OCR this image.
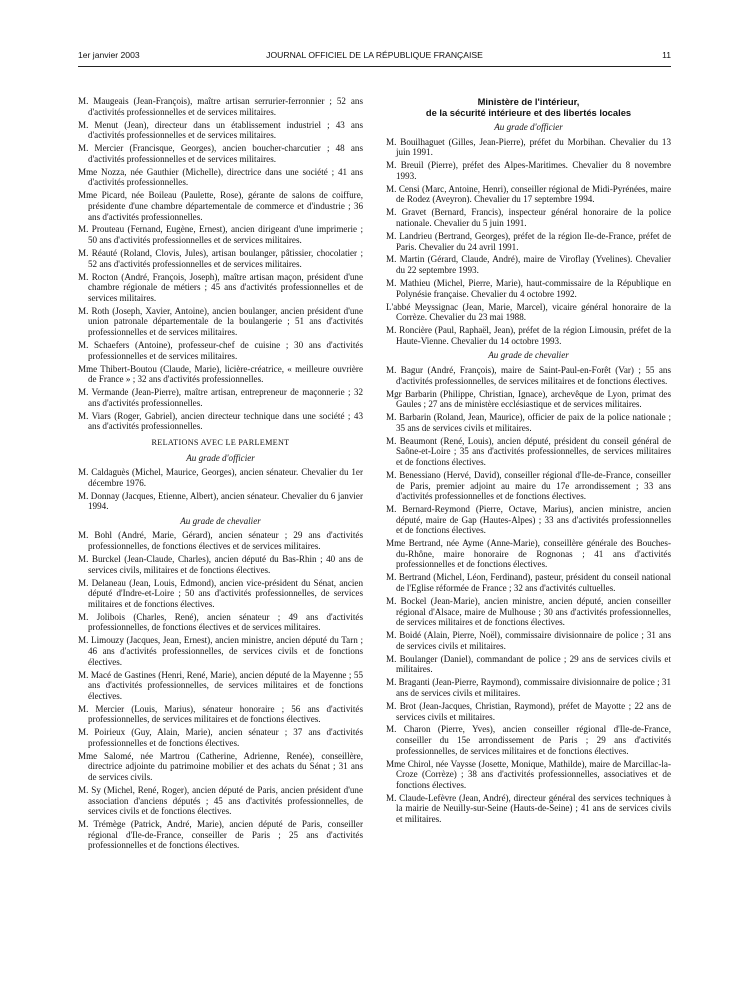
1er janvier 2003	JOURNAL OFFICIEL DE LA RÉPUBLIQUE FRANÇAISE	11

M. Maugeais (Jean-François), maître artisan serrurier-ferronnier ; 52 ans d'activités professionnelles et de services militaires.

M. Menut (Jean), directeur dans un établissement industriel ; 43 ans d'activités professionnelles et de services militaires.

M. Mercier (Francisque, Georges), ancien boucher-charcutier ; 48 ans d'activités professionnelles et de services militaires.

Mme Nozza, née Gauthier (Michelle), directrice dans une société ; 41 ans d'activités professionnelles.

Mme Picard, née Boileau (Paulette, Rose), gérante de salons de coiffure, présidente d'une chambre départementale de commerce et d'industrie ; 36 ans d'activités professionnelles.

M. Prouteau (Fernand, Eugène, Ernest), ancien dirigeant d'une imprimerie ; 50 ans d'activités professionnelles et de services militaires.

M. Réauté (Roland, Clovis, Jules), artisan boulanger, pâtissier, chocolatier ; 52 ans d'activités professionnelles et de services militaires.

M. Rocton (André, François, Joseph), maître artisan maçon, président d'une chambre régionale de métiers ; 45 ans d'activités professionnelles et de services militaires.

M. Roth (Joseph, Xavier, Antoine), ancien boulanger, ancien président d'une union patronale départementale de la boulangerie ; 51 ans d'activités professionnelles et de services militaires.

M. Schaefers (Antoine), professeur-chef de cuisine ; 30 ans d'activités professionnelles et de services militaires.

Mme Thibert-Boutou (Claude, Marie), licière-créatrice, « meilleure ouvrière de France » ; 32 ans d'activités professionnelles.

M. Vermande (Jean-Pierre), maître artisan, entrepreneur de maçonnerie ; 32 ans d'activités professionnelles.

M. Viars (Roger, Gabriel), ancien directeur technique dans une société ; 43 ans d'activités professionnelles.

RELATIONS AVEC LE PARLEMENT
Au grade d'officier

M. Caldaguès (Michel, Maurice, Georges), ancien sénateur. Chevalier du 1er décembre 1976.

M. Donnay (Jacques, Etienne, Albert), ancien sénateur. Chevalier du 6 janvier 1994.

Au grade de chevalier

M. Bohl (André, Marie, Gérard), ancien sénateur ; 29 ans d'activités professionnelles, de fonctions électives et de services militaires.

M. Burckel (Jean-Claude, Charles), ancien député du Bas-Rhin ; 40 ans de services civils, militaires et de fonctions électives.

M. Delaneau (Jean, Louis, Edmond), ancien vice-président du Sénat, ancien député d'Indre-et-Loire ; 50 ans d'activités professionnelles, de services militaires et de fonctions électives.

M. Jolibois (Charles, René), ancien sénateur ; 49 ans d'activités professionnelles, de fonctions électives et de services militaires.

M. Limouzy (Jacques, Jean, Ernest), ancien ministre, ancien député du Tarn ; 46 ans d'activités professionnelles, de services civils et de fonctions électives.

M. Macé de Gastines (Henri, René, Marie), ancien député de la Mayenne ; 55 ans d'activités professionnelles, de services militaires et de fonctions électives.

M. Mercier (Louis, Marius), sénateur honoraire ; 56 ans d'activités professionnelles, de services militaires et de fonctions électives.

M. Poirieux (Guy, Alain, Marie), ancien sénateur ; 37 ans d'activités professionnelles et de fonctions électives.

Mme Salomé, née Martrou (Catherine, Adrienne, Renée), conseillère, directrice adjointe du patrimoine mobilier et des achats du Sénat ; 31 ans de services civils.

M. Sy (Michel, René, Roger), ancien député de Paris, ancien président d'une association d'anciens députés ; 45 ans d'activités professionnelles, de services civils et de fonctions électives.

M. Trémège (Patrick, André, Marie), ancien député de Paris, conseiller régional d'Ile-de-France, conseiller de Paris ; 25 ans d'activités professionnelles et de fonctions électives.

Ministère de l'intérieur,
de la sécurité intérieure et des libertés locales
Au grade d'officier

M. Bouilhaguet (Gilles, Jean-Pierre), préfet du Morbihan. Chevalier du 13 juin 1991.

M. Breuil (Pierre), préfet des Alpes-Maritimes. Chevalier du 8 novembre 1993.

M. Censi (Marc, Antoine, Henri), conseiller régional de Midi-Pyrénées, maire de Rodez (Aveyron). Chevalier du 17 septembre 1994.

M. Gravet (Bernard, Francis), inspecteur général honoraire de la police nationale. Chevalier du 5 juin 1991.

M. Landrieu (Bertrand, Georges), préfet de la région Ile-de-France, préfet de Paris. Chevalier du 24 avril 1991.

M. Martin (Gérard, Claude, André), maire de Viroflay (Yvelines). Chevalier du 22 septembre 1993.

M. Mathieu (Michel, Pierre, Marie), haut-commissaire de la République en Polynésie française. Chevalier du 4 octobre 1992.

L'abbé Meyssignac (Jean, Marie, Marcel), vicaire général honoraire de la Corrèze. Chevalier du 23 mai 1988.

M. Roncière (Paul, Raphaël, Jean), préfet de la région Limousin, préfet de la Haute-Vienne. Chevalier du 14 octobre 1993.

Au grade de chevalier

M. Bagur (André, François), maire de Saint-Paul-en-Forêt (Var) ; 55 ans d'activités professionnelles, de services militaires et de fonctions électives.

Mgr Barbarin (Philippe, Christian, Ignace), archevêque de Lyon, primat des Gaules ; 27 ans de ministère ecclésiastique et de services militaires.

M. Barbarin (Roland, Jean, Maurice), officier de paix de la police nationale ; 35 ans de services civils et militaires.

M. Beaumont (René, Louis), ancien député, président du conseil général de Saône-et-Loire ; 35 ans d'activités professionnelles, de services militaires et de fonctions électives.

M. Benessiano (Hervé, David), conseiller régional d'Ile-de-France, conseiller de Paris, premier adjoint au maire du 17e arrondissement ; 33 ans d'activités professionnelles et de fonctions électives.

M. Bernard-Reymond (Pierre, Octave, Marius), ancien ministre, ancien député, maire de Gap (Hautes-Alpes) ; 33 ans d'activités professionnelles et de fonctions électives.

Mme Bertrand, née Ayme (Anne-Marie), conseillère générale des Bouches-du-Rhône, maire honoraire de Rognonas ; 41 ans d'activités professionnelles et de fonctions électives.

M. Bertrand (Michel, Léon, Ferdinand), pasteur, président du conseil national de l'Eglise réformée de France ; 32 ans d'activités cultuelles.

M. Bockel (Jean-Marie), ancien ministre, ancien député, ancien conseiller régional d'Alsace, maire de Mulhouse ; 30 ans d'activités professionnelles, de services militaires et de fonctions électives.

M. Boidé (Alain, Pierre, Noël), commissaire divisionnaire de police ; 31 ans de services civils et militaires.

M. Boulanger (Daniel), commandant de police ; 29 ans de services civils et militaires.

M. Braganti (Jean-Pierre, Raymond), commissaire divisionnaire de police ; 31 ans de services civils et militaires.

M. Brot (Jean-Jacques, Christian, Raymond), préfet de Mayotte ; 22 ans de services civils et militaires.

M. Charon (Pierre, Yves), ancien conseiller régional d'Ile-de-France, conseiller du 15e arrondissement de Paris ; 29 ans d'activités professionnelles, de services militaires et de fonctions électives.

Mme Chirol, née Vaysse (Josette, Monique, Mathilde), maire de Marcillac-la-Croze (Corrèze) ; 38 ans d'activités professionnelles, associatives et de fonctions électives.

M. Claude-Lefèvre (Jean, André), directeur général des services techniques à la mairie de Neuilly-sur-Seine (Hauts-de-Seine) ; 41 ans de services civils et militaires.
